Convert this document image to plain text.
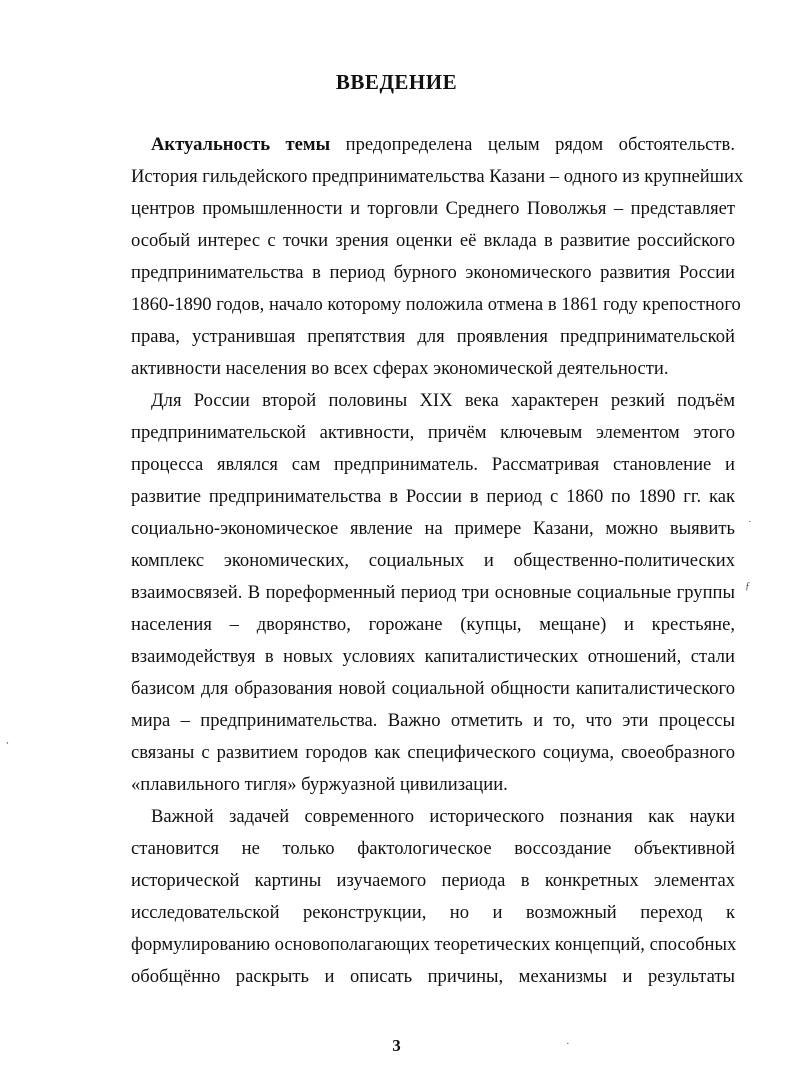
ВВЕДЕНИЕ
Актуальность темы предопределена целым рядом обстоятельств.
История гильдейского предпринимательства Казани – одного из крупнейших
центров промышленности и торговли Среднего Поволжья – представляет
особый интерес с точки зрения оценки её вклада в развитие российского
предпринимательства в период бурного экономического развития России
1860-1890 годов, начало которому положила отмена в 1861 году крепостного
права, устранившая препятствия для проявления предпринимательской
активности населения во всех сферах экономической деятельности.
Для России второй половины XIX века характерен резкий подъём
предпринимательской активности, причём ключевым элементом этого
процесса являлся сам предприниматель. Рассматривая становление и
развитие предпринимательства в России в период с 1860 по 1890 гг. как
социально-экономическое явление на примере Казани, можно выявить
комплекс экономических, социальных и общественно-политических
взаимосвязей. В пореформенный период три основные социальные группы
населения – дворянство, горожане (купцы, мещане) и крестьяне,
взаимодействуя в новых условиях капиталистических отношений, стали
базисом для образования новой социальной общности капиталистического
мира – предпринимательства. Важно отметить и то, что эти процессы
связаны с развитием городов как специфического социума, своеобразного
«плавильного тигля» буржуазной цивилизации.
Важной задачей современного исторического познания как науки
становится не только фактологическое воссоздание объективной
исторической картины изучаемого периода в конкретных элементах
исследовательской реконструкции, но и возможный переход к
формулированию основополагающих теоретических концепций, способных
обобщённо раскрыть и описать причины, механизмы и результаты
3
·
ƒ
⸱
·
